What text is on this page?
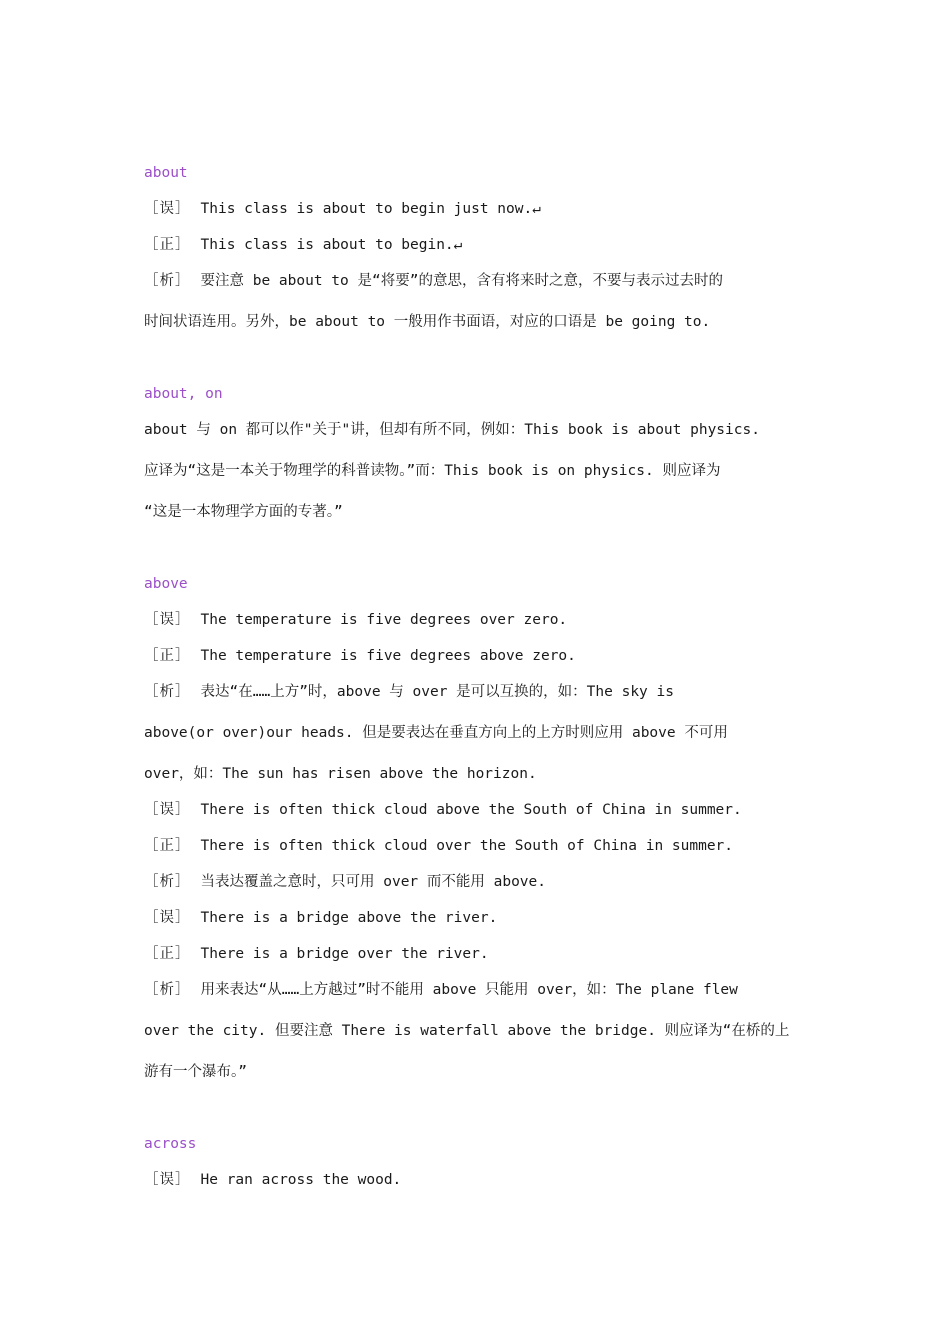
about
［误］ This class is about to begin just now.↵
［正］ This class is about to begin.↵
［析］ 要注意 be about to 是“将要”的意思，含有将来时之意，不要与表示过去时的
时间状语连用。另外，be about to 一般用作书面语，对应的口语是 be going to.
about, on
about 与 on 都可以作"关于"讲，但却有所不同，例如：This book is about physics.
应译为“这是一本关于物理学的科普读物。”而：This book is on physics. 则应译为
“这是一本物理学方面的专著。”
above
［误］ The temperature is five degrees over zero.
［正］ The temperature is five degrees above zero.
［析］ 表达“在……上方”时，above 与 over 是可以互换的，如：The sky is
above(or over)our heads. 但是要表达在垂直方向上的上方时则应用 above 不可用
over，如：The sun has risen above the horizon.
［误］ There is often thick cloud above the South of China in summer.
［正］ There is often thick cloud over the South of China in summer.
［析］ 当表达覆盖之意时，只可用 over 而不能用 above.
［误］ There is a bridge above the river.
［正］ There is a bridge over the river.
［析］ 用来表达“从……上方越过”时不能用 above 只能用 over，如：The plane flew
over the city. 但要注意 There is waterfall above the bridge. 则应译为“在桥的上
游有一个瀑布。”
across
［误］ He ran across the wood.
